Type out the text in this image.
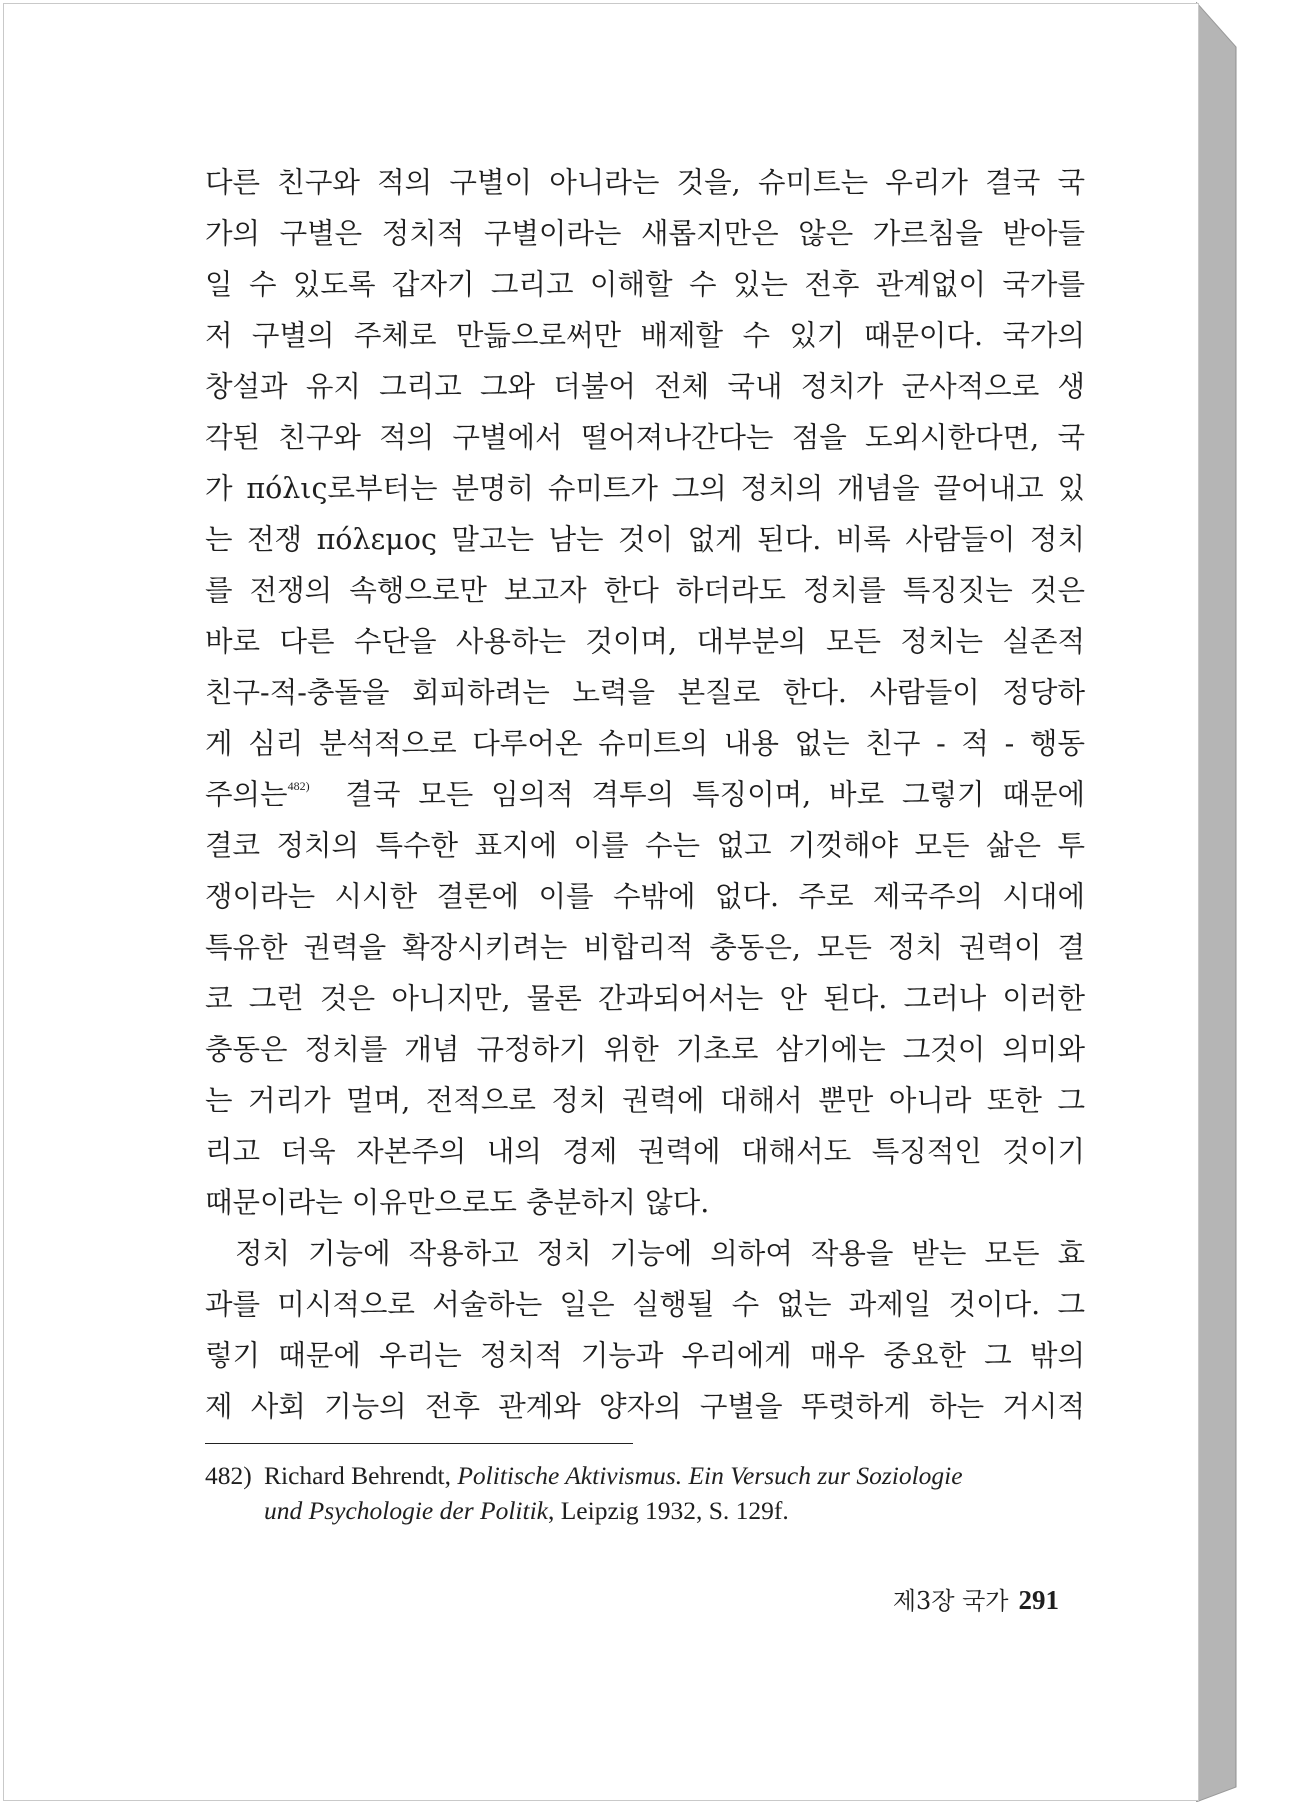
다른 친구와 적의 구별이 아니라는 것을, 슈미트는 우리가 결국 국
가의 구별은 정치적 구별이라는 새롭지만은 않은 가르침을 받아들
일 수 있도록 갑자기 그리고 이해할 수 있는 전후 관계없이 국가를
저 구별의 주체로 만듦으로써만 배제할 수 있기 때문이다. 국가의
창설과 유지 그리고 그와 더불어 전체 국내 정치가 군사적으로 생
각된 친구와 적의 구별에서 떨어져나간다는 점을 도외시한다면, 국
가 πόλις로부터는 분명히 슈미트가 그의 정치의 개념을 끌어내고 있
는 전쟁 πόλεμος 말고는 남는 것이 없게 된다. 비록 사람들이 정치
를 전쟁의 속행으로만 보고자 한다 하더라도 정치를 특징짓는 것은
바로 다른 수단을 사용하는 것이며, 대부분의 모든 정치는 실존적
친구-적-충돌을 회피하려는 노력을 본질로 한다. 사람들이 정당하
게 심리 분석적으로 다루어온 슈미트의 내용 없는 친구 - 적 - 행동
주의는$^{482)}$ 결국 모든 임의적 격투의 특징이며, 바로 그렇기 때문에
결코 정치의 특수한 표지에 이를 수는 없고 기껏해야 모든 삶은 투
쟁이라는 시시한 결론에 이를 수밖에 없다. 주로 제국주의 시대에
특유한 권력을 확장시키려는 비합리적 충동은, 모든 정치 권력이 결
코 그런 것은 아니지만, 물론 간과되어서는 안 된다. 그러나 이러한
충동은 정치를 개념 규정하기 위한 기초로 삼기에는 그것이 의미와
는 거리가 멀며, 전적으로 정치 권력에 대해서 뿐만 아니라 또한 그
리고 더욱 자본주의 내의 경제 권력에 대해서도 특징적인 것이기
때문이라는 이유만으로도 충분하지 않다.
정치 기능에 작용하고 정치 기능에 의하여 작용을 받는 모든 효
과를 미시적으로 서술하는 일은 실행될 수 없는 과제일 것이다. 그
렇기 때문에 우리는 정치적 기능과 우리에게 매우 중요한 그 밖의
제 사회 기능의 전후 관계와 양자의 구별을 뚜렷하게 하는 거시적
482) Richard Behrendt, Politische Aktivismus. Ein Versuch zur Soziologie
und Psychologie der Politik, Leipzig 1932, S. 129f.
제3장 국가 291
